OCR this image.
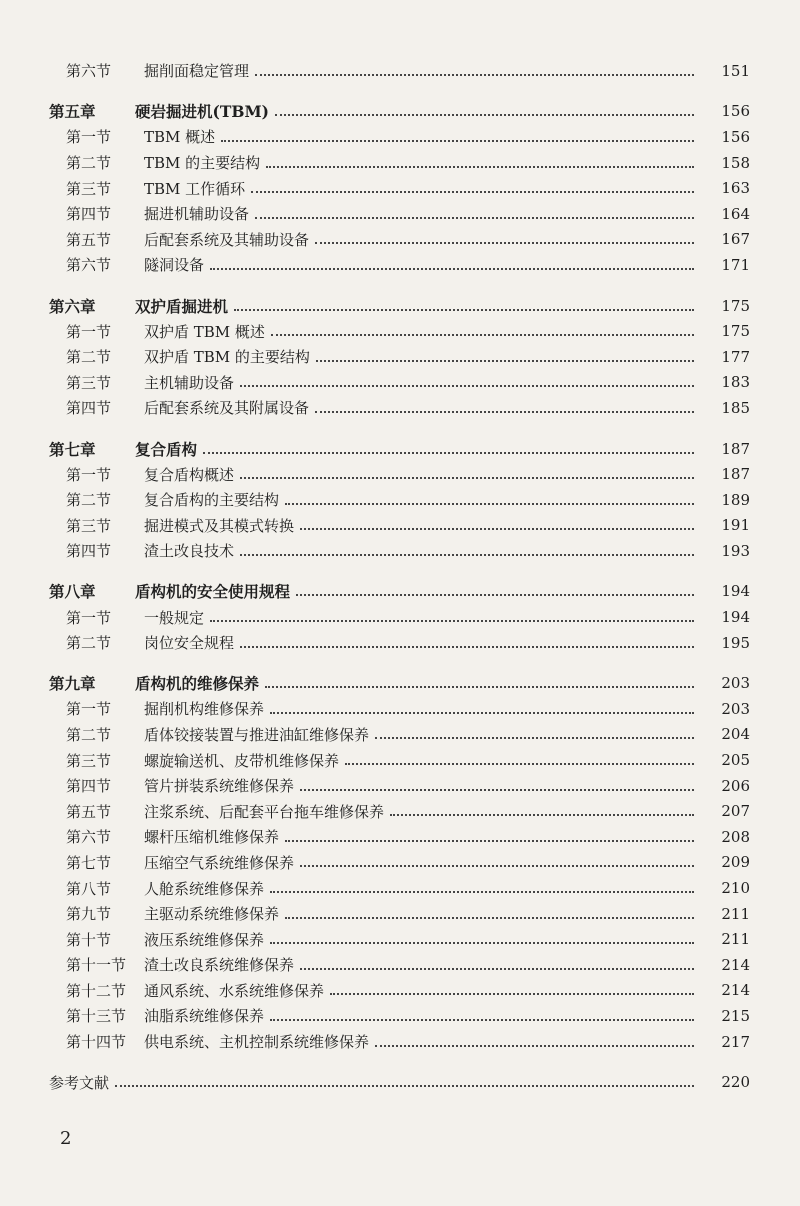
第六节	掘削面稳定管理	151
第五章	硬岩掘进机(TBM)	156
第一节	TBM 概述	156
第二节	TBM 的主要结构	158
第三节	TBM 工作循环	163
第四节	掘进机辅助设备	164
第五节	后配套系统及其辅助设备	167
第六节	隧洞设备	171
第六章	双护盾掘进机	175
第一节	双护盾 TBM 概述	175
第二节	双护盾 TBM 的主要结构	177
第三节	主机辅助设备	183
第四节	后配套系统及其附属设备	185
第七章	复合盾构	187
第一节	复合盾构概述	187
第二节	复合盾构的主要结构	189
第三节	掘进模式及其模式转换	191
第四节	渣土改良技术	193
第八章	盾构机的安全使用规程	194
第一节	一般规定	194
第二节	岗位安全规程	195
第九章	盾构机的维修保养	203
第一节	掘削机构维修保养	203
第二节	盾体铰接装置与推进油缸维修保养	204
第三节	螺旋输送机、皮带机维修保养	205
第四节	管片拼装系统维修保养	206
第五节	注浆系统、后配套平台拖车维修保养	207
第六节	螺杆压缩机维修保养	208
第七节	压缩空气系统维修保养	209
第八节	人舱系统维修保养	210
第九节	主驱动系统维修保养	211
第十节	液压系统维修保养	211
第十一节	渣土改良系统维修保养	214
第十二节	通风系统、水系统维修保养	214
第十三节	油脂系统维修保养	215
第十四节	供电系统、主机控制系统维修保养	217
参考文献	220
2
